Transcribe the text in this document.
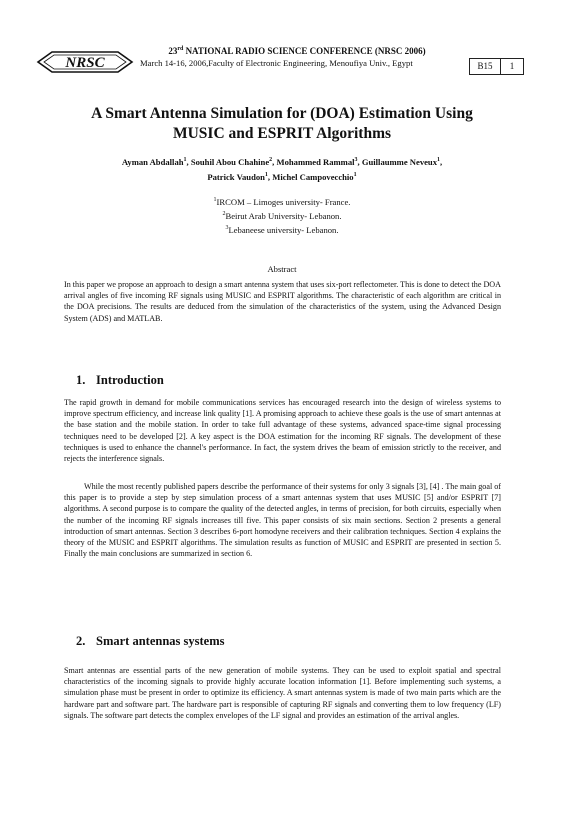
NRSC
23rd NATIONAL RADIO SCIENCE CONFERENCE (NRSC 2006)
March 14-16, 2006,Faculty of Electronic Engineering, Menoufiya Univ., Egypt	B15	1
A Smart Antenna Simulation for (DOA) Estimation Using
MUSIC and ESPRIT Algorithms
Ayman Abdallah$^1$, Souhil Abou Chahine$^2$, Mohammed Rammal$^3$, Guillaumme Neveux$^1$,
Patrick Vaudon$^1$, Michel Campovecchio$^1$
$^1$IRCOM – Limoges university- France.
$^2$Beirut Arab University- Lebanon.
$^3$Lebaneese university- Lebanon.
Abstract

In this paper we propose an approach to design a smart antenna system that uses six-port reflectometer. This is done to detect the DOA arrival angles of five incoming RF signals using MUSIC and ESPRIT algorithms. The characteristic of each algorithm are critical in the DOA precisions. The results are deduced from the simulation of the characteristics of the system, using the Advanced Design System (ADS) and MATLAB.

1. Introduction

The rapid growth in demand for mobile communications services has encouraged research into the design of wireless systems to improve spectrum efficiency, and increase link quality [1]. A promising approach to achieve these goals is the use of smart antennas at the base station and the mobile station. In order to take full advantage of these systems, advanced space-time signal processing techniques need to be developed [2]. A key aspect is the DOA estimation for the incoming RF signals. The development of these techniques is used to enhance the channel's performance. In fact, the system drives the beam of emission strictly to the receiver, and rejects the interference signals.

While the most recently published papers describe the performance of their systems for only 3 signals [3], [4] . The main goal of this paper is to provide a step by step simulation process of a smart antennas system that uses MUSIC [5] and/or ESPRIT [7] algorithms. A second purpose is to compare the quality of the detected angles, in terms of precision, for both circuits, especially when the number of the incoming RF signals increases till five. This paper consists of six main sections. Section 2 presents a general introduction of smart antennas. Section 3 describes 6-port homodyne receivers and their calibration techniques. Section 4 explains the theory of the MUSIC and ESPRIT algorithms. The simulation results as function of MUSIC and ESPRIT are presented in section 5. Finally the main conclusions are summarized in section 6.

2. Smart antennas systems

Smart antennas are essential parts of the new generation of mobile systems. They can be used to exploit spatial and spectral characteristics of the incoming signals to provide highly accurate location information [1]. Before implementing such systems, a simulation phase must be present in order to optimize its efficiency. A smart antennas system is made of two main parts which are the hardware part and software part. The hardware part is responsible of capturing RF signals and converting them to low frequency (LF) signals. The software part detects the complex envelopes of the LF signal and provides an estimation of the arrival angles.
